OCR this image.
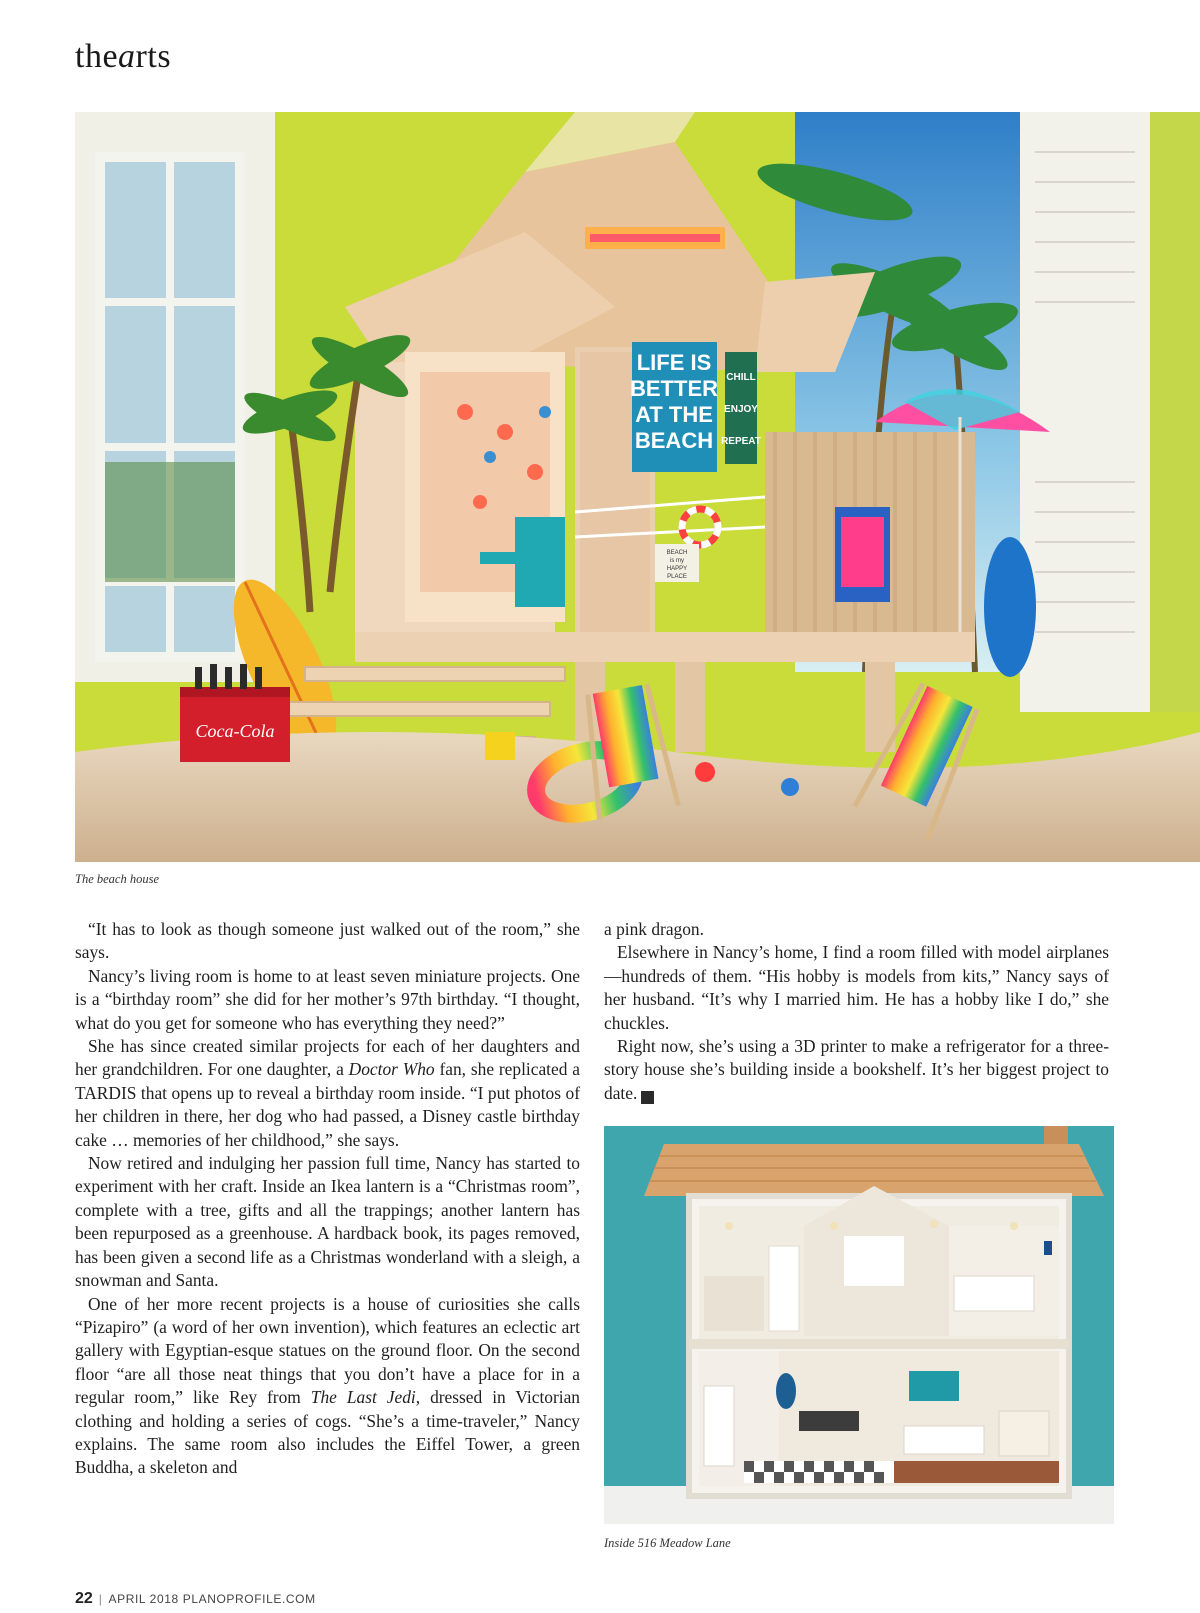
thearts
LIFE IS
BETTER
AT THE
BEACH
CHILL
ENJOY
REPEAT
BEACH
is my
HAPPY
PLACE
Coca-Cola
The beach house

“It has to look as though someone just walked out of the room,” she says.

Nancy’s living room is home to at least seven miniature projects. One is a “birthday room” she did for her mother’s 97th birthday. “I thought, what do you get for someone who has everything they need?”

She has since created similar projects for each of her daughters and her grandchildren. For one daughter, a Doctor Who fan, she replicated a TARDIS that opens up to reveal a birthday room inside. “I put photos of her children in there, her dog who had passed, a Disney castle birthday cake … memories of her childhood,” she says.

Now retired and indulging her passion full time, Nancy has started to experiment with her craft. Inside an Ikea lantern is a “Christmas room”, complete with a tree, gifts and all the trappings; another lantern has been repurposed as a greenhouse. A hardback book, its pages removed, has been given a second life as a Christmas wonderland with a sleigh, a snowman and Santa.

One of her more recent projects is a house of curiosities she calls “Pizapiro” (a word of her own invention), which features an eclectic art gallery with Egyptian-esque statues on the ground floor. On the second floor “are all those neat things that you don’t have a place for in a regular room,” like Rey from The Last Jedi, dressed in Victorian clothing and holding a series of cogs. “She’s a time-traveler,” Nancy explains. The same room also includes the Eiffel Tower, a green Buddha, a skeleton and

a pink dragon.

Elsewhere in Nancy’s home, I find a room filled with model airplanes—hundreds of them. “His hobby is models from kits,” Nancy says of her husband. “It’s why I married him. He has a hobby like I do,” she chuckles.

Right now, she’s using a 3D printer to make a refrigerator for a three-story house she’s building inside a bookshelf. It’s her biggest project to date. P

Inside 516 Meadow Lane
22 | APRIL 2018 PLANOPROFILE.COM
